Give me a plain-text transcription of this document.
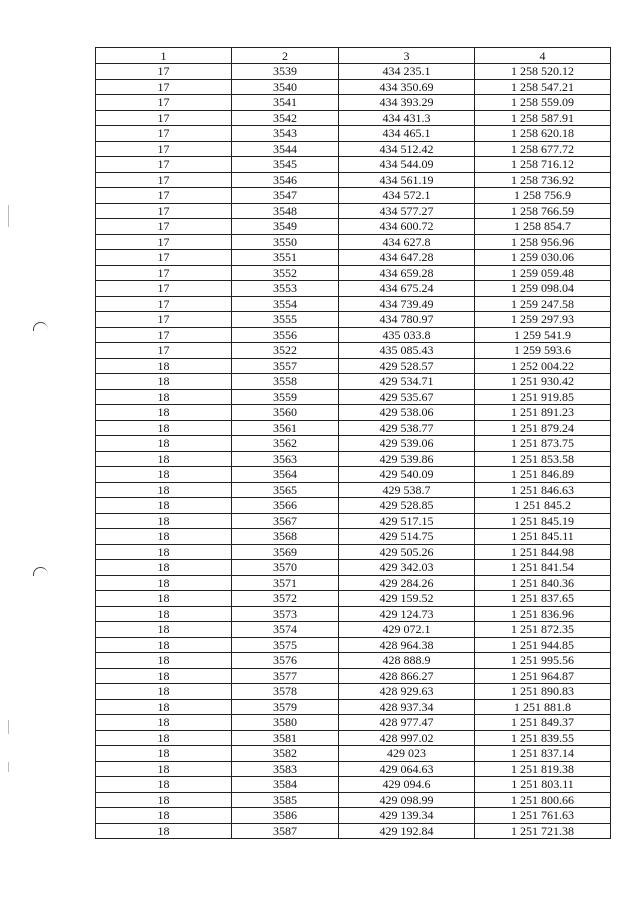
1	2	3	4
17	3539	434 235.1	1 258 520.12
17	3540	434 350.69	1 258 547.21
17	3541	434 393.29	1 258 559.09
17	3542	434 431.3	1 258 587.91
17	3543	434 465.1	1 258 620.18
17	3544	434 512.42	1 258 677.72
17	3545	434 544.09	1 258 716.12
17	3546	434 561.19	1 258 736.92
17	3547	434 572.1	1 258 756.9
17	3548	434 577.27	1 258 766.59
17	3549	434 600.72	1 258 854.7
17	3550	434 627.8	1 258 956.96
17	3551	434 647.28	1 259 030.06
17	3552	434 659.28	1 259 059.48
17	3553	434 675.24	1 259 098.04
17	3554	434 739.49	1 259 247.58
17	3555	434 780.97	1 259 297.93
17	3556	435 033.8	1 259 541.9
17	3522	435 085.43	1 259 593.6
18	3557	429 528.57	1 252 004.22
18	3558	429 534.71	1 251 930.42
18	3559	429 535.67	1 251 919.85
18	3560	429 538.06	1 251 891.23
18	3561	429 538.77	1 251 879.24
18	3562	429 539.06	1 251 873.75
18	3563	429 539.86	1 251 853.58
18	3564	429 540.09	1 251 846.89
18	3565	429 538.7	1 251 846.63
18	3566	429 528.85	1 251 845.2
18	3567	429 517.15	1 251 845.19
18	3568	429 514.75	1 251 845.11
18	3569	429 505.26	1 251 844.98
18	3570	429 342.03	1 251 841.54
18	3571	429 284.26	1 251 840.36
18	3572	429 159.52	1 251 837.65
18	3573	429 124.73	1 251 836.96
18	3574	429 072.1	1 251 872.35
18	3575	428 964.38	1 251 944.85
18	3576	428 888.9	1 251 995.56
18	3577	428 866.27	1 251 964.87
18	3578	428 929.63	1 251 890.83
18	3579	428 937.34	1 251 881.8
18	3580	428 977.47	1 251 849.37
18	3581	428 997.02	1 251 839.55
18	3582	429 023	1 251 837.14
18	3583	429 064.63	1 251 819.38
18	3584	429 094.6	1 251 803.11
18	3585	429 098.99	1 251 800.66
18	3586	429 139.34	1 251 761.63
18	3587	429 192.84	1 251 721.38
